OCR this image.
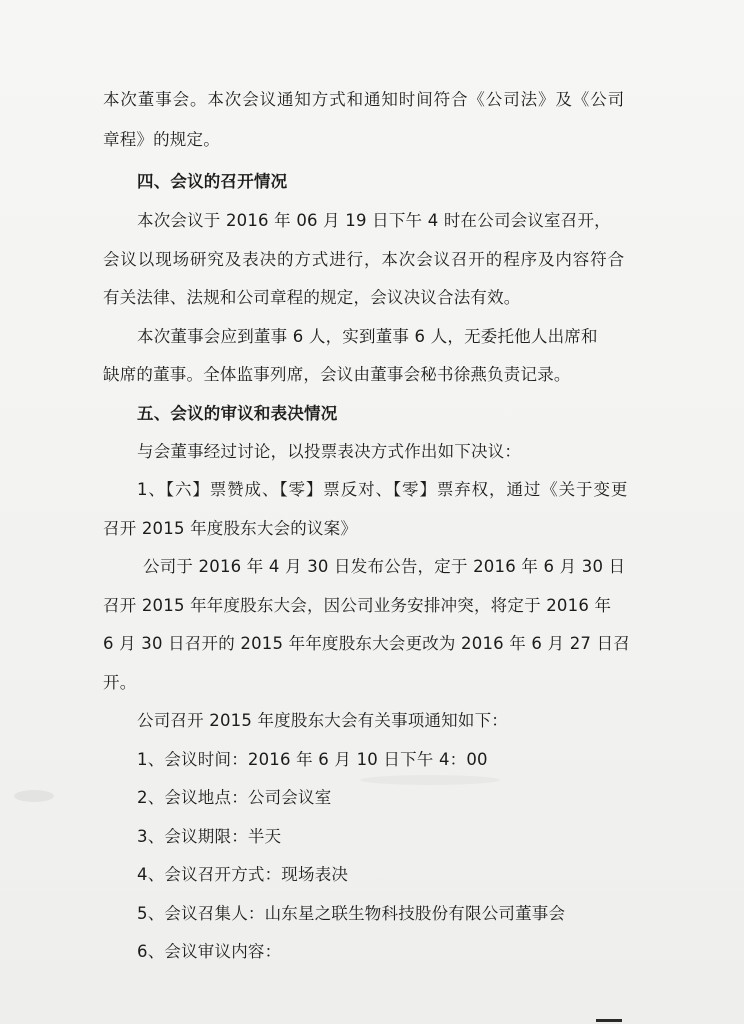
本次董事会。本次会议通知方式和通知时间符合《公司法》及《公司
章程》的规定。
四、会议的召开情况
本次会议于 2016 年 06 月 19 日下午 4 时在公司会议室召开，
会议以现场研究及表决的方式进行，本次会议召开的程序及内容符合
有关法律、法规和公司章程的规定，会议决议合法有效。
本次董事会应到董事 6 人，实到董事 6 人，无委托他人出席和
缺席的董事。全体监事列席，会议由董事会秘书徐燕负责记录。
五、会议的审议和表决情况
与会董事经过讨论，以投票表决方式作出如下决议：
1、【六】票赞成、【零】票反对、【零】票弃权，通过《关于变更
召开 2015 年度股东大会的议案》
公司于 2016 年 4 月 30 日发布公告，定于 2016 年 6 月 30 日
召开 2015 年年度股东大会，因公司业务安排冲突，将定于 2016 年
6 月 30 日召开的 2015 年年度股东大会更改为 2016 年 6 月 27 日召
开。
公司召开 2015 年度股东大会有关事项通知如下：
1、会议时间：2016 年 6 月 10 日下午 4：00
2、会议地点：公司会议室
3、会议期限：半天
4、会议召开方式：现场表决
5、会议召集人：山东星之联生物科技股份有限公司董事会
6、会议审议内容：
